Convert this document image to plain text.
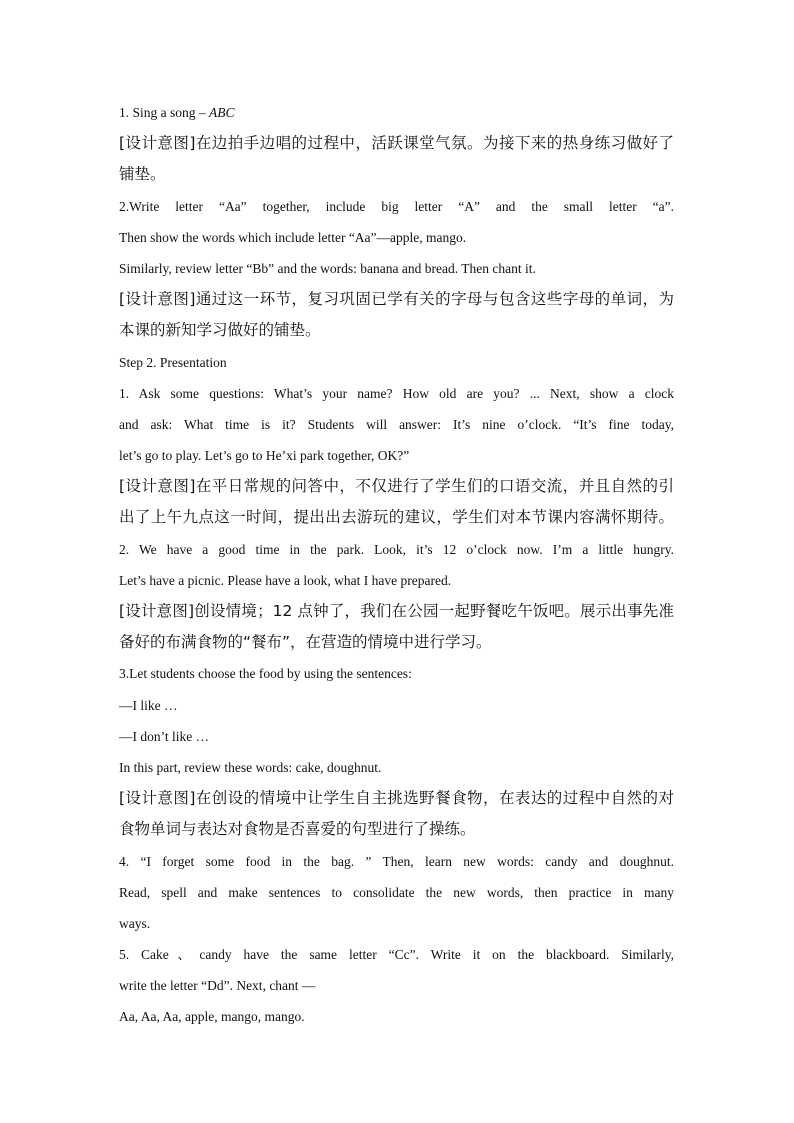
1. Sing a song – ABC
[设计意图]在边拍手边唱的过程中，活跃课堂气氛。为接下来的热身练习做好了
铺垫。
2.Write letter “Aa” together, include big letter “A” and the small letter “a”.
Then show the words which include letter “Aa”—apple, mango.
Similarly, review letter “Bb” and the words: banana and bread. Then chant it.
[设计意图]通过这一环节，复习巩固已学有关的字母与包含这些字母的单词，为
本课的新知学习做好的铺垫。
Step 2. Presentation
1. Ask some questions: What’s your name? How old are you? ... Next, show a clock
and ask: What time is it? Students will answer: It’s nine o’clock. “It’s fine today,
let’s go to play. Let’s go to He’xi park together, OK?”
[设计意图]在平日常规的问答中，不仅进行了学生们的口语交流，并且自然的引
出了上午九点这一时间，提出出去游玩的建议，学生们对本节课内容满怀期待。
2. We have a good time in the park. Look, it’s 12 o’clock now. I’m a little hungry.
Let’s have a picnic. Please have a look, what I have prepared.
[设计意图]创设情境；12 点钟了，我们在公园一起野餐吃午饭吧。展示出事先准
备好的布满食物的“餐布”，在营造的情境中进行学习。
3.Let students choose the food by using the sentences:
—I like …
—I don’t like …
In this part, review these words: cake, doughnut.
[设计意图]在创设的情境中让学生自主挑选野餐食物，在表达的过程中自然的对
食物单词与表达对食物是否喜爱的句型进行了操练。
4. “I forget some food in the bag. ” Then, learn new words: candy and doughnut.
Read, spell and make sentences to consolidate the new words, then practice in many
ways.
5. Cake、candy have the same letter “Cc”. Write it on the blackboard. Similarly,
write the letter “Dd”. Next, chant —
Aa, Aa, Aa, apple, mango, mango.
